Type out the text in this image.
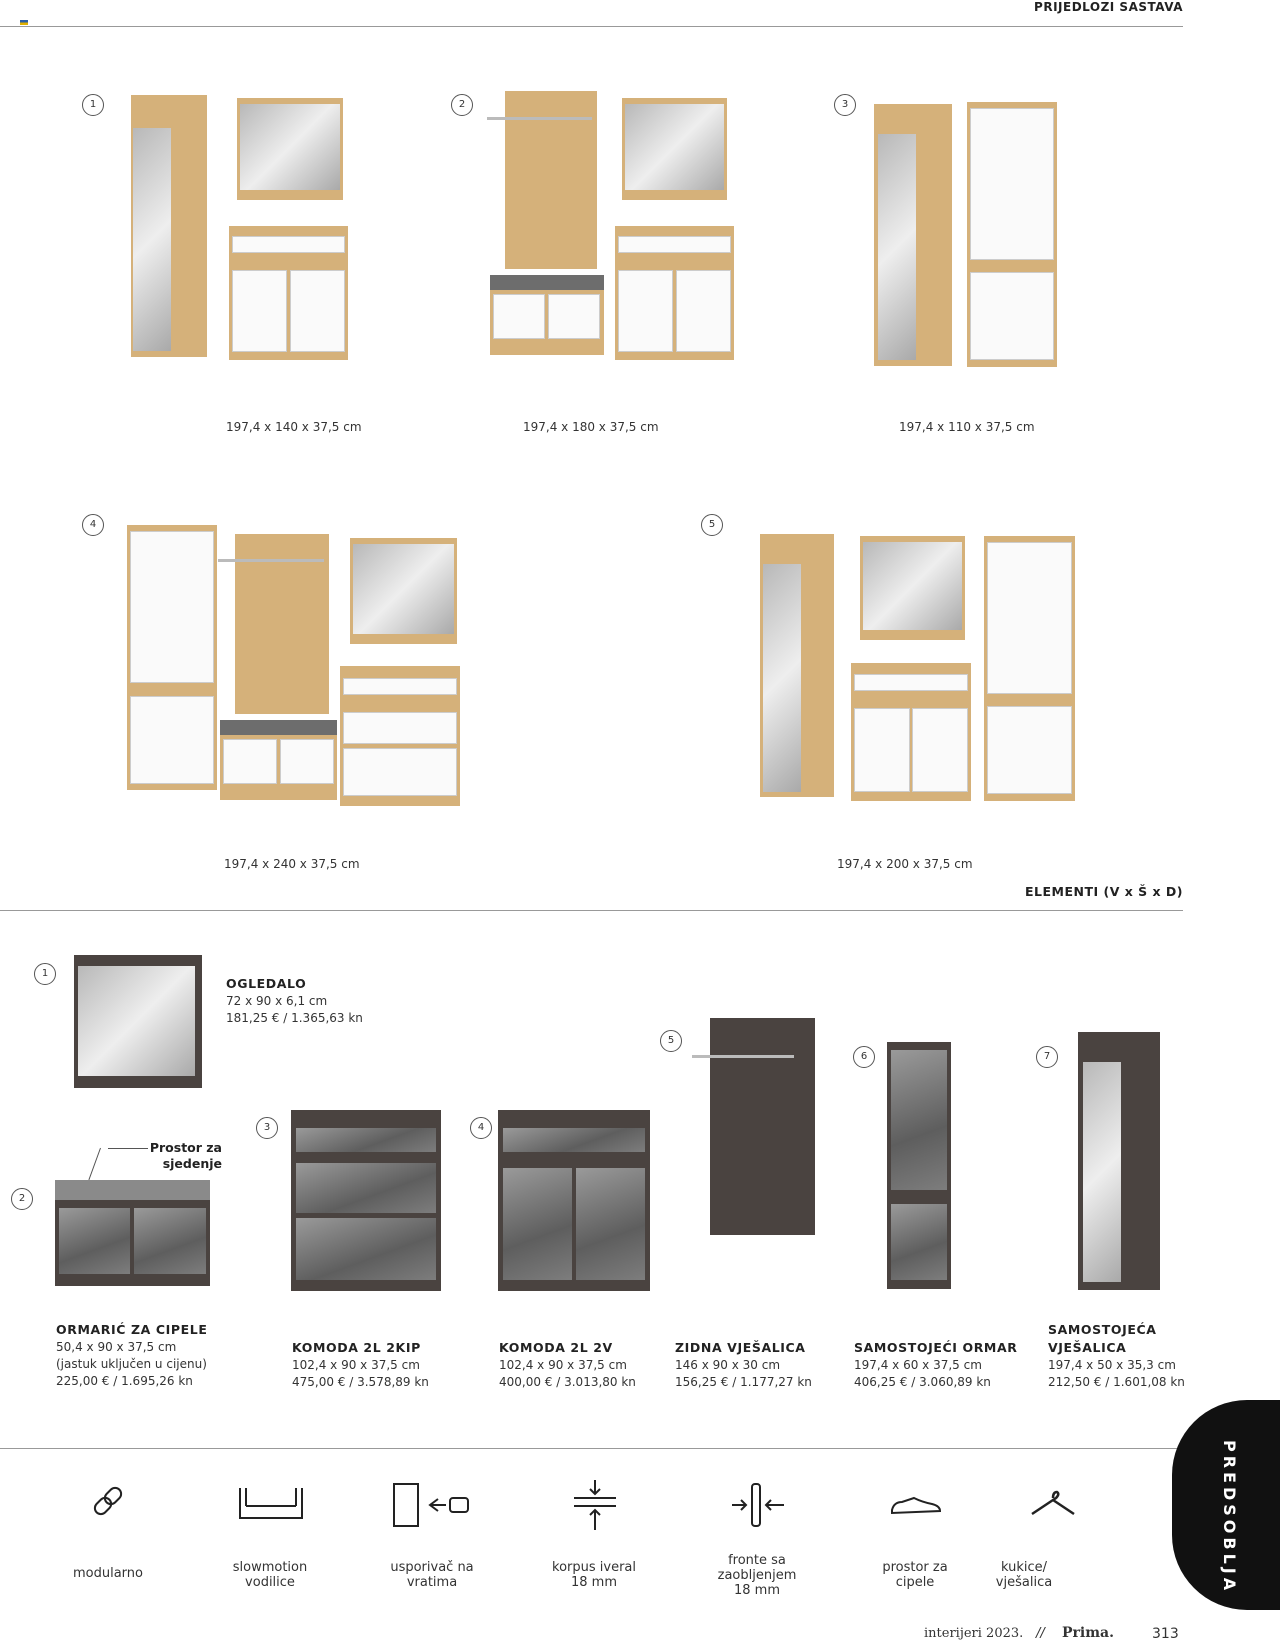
PRIJEDLOZI SASTAVA
1
197,4 x 140 x 37,5 cm
2
197,4 x 180 x 37,5 cm
3
197,4 x 110 x 37,5 cm
4
197,4 x 240 x 37,5 cm
5
197,4 x 200 x 37,5 cm
ELEMENTI (V x Š x D)
1
OGLEDALO
72 x 90 x 6,1 cm
181,25 € / 1.365,63 kn
2
Prostor za
sjedenje
ORMARIĆ ZA CIPELE
50,4 x 90 x 37,5 cm
(jastuk uključen u cijenu)
225,00 € / 1.695,26 kn
3
KOMODA 2L 2KIP
102,4 x 90 x 37,5 cm
475,00 € / 3.578,89 kn
4
KOMODA 2L 2V
102,4 x 90 x 37,5 cm
400,00 € / 3.013,80 kn
5
ZIDNA VJEŠALICA
146 x 90 x 30 cm
156,25 € / 1.177,27 kn
6
SAMOSTOJEĆI ORMAR
197,4 x 60 x 37,5 cm
406,25 € / 3.060,89 kn
7
SAMOSTOJEĆA
VJEŠALICA
197,4 x 50 x 35,3 cm
212,50 € / 1.601,08 kn
modularno	slowmotion
vodilice
usporivač na
vratima
korpus iveral
18 mm
fronte sa
zaobljenjem
18 mm
prostor za
cipele
kukice/
vješalica	PREDSOBLJA
interijeri 2023. // Prima.	313
